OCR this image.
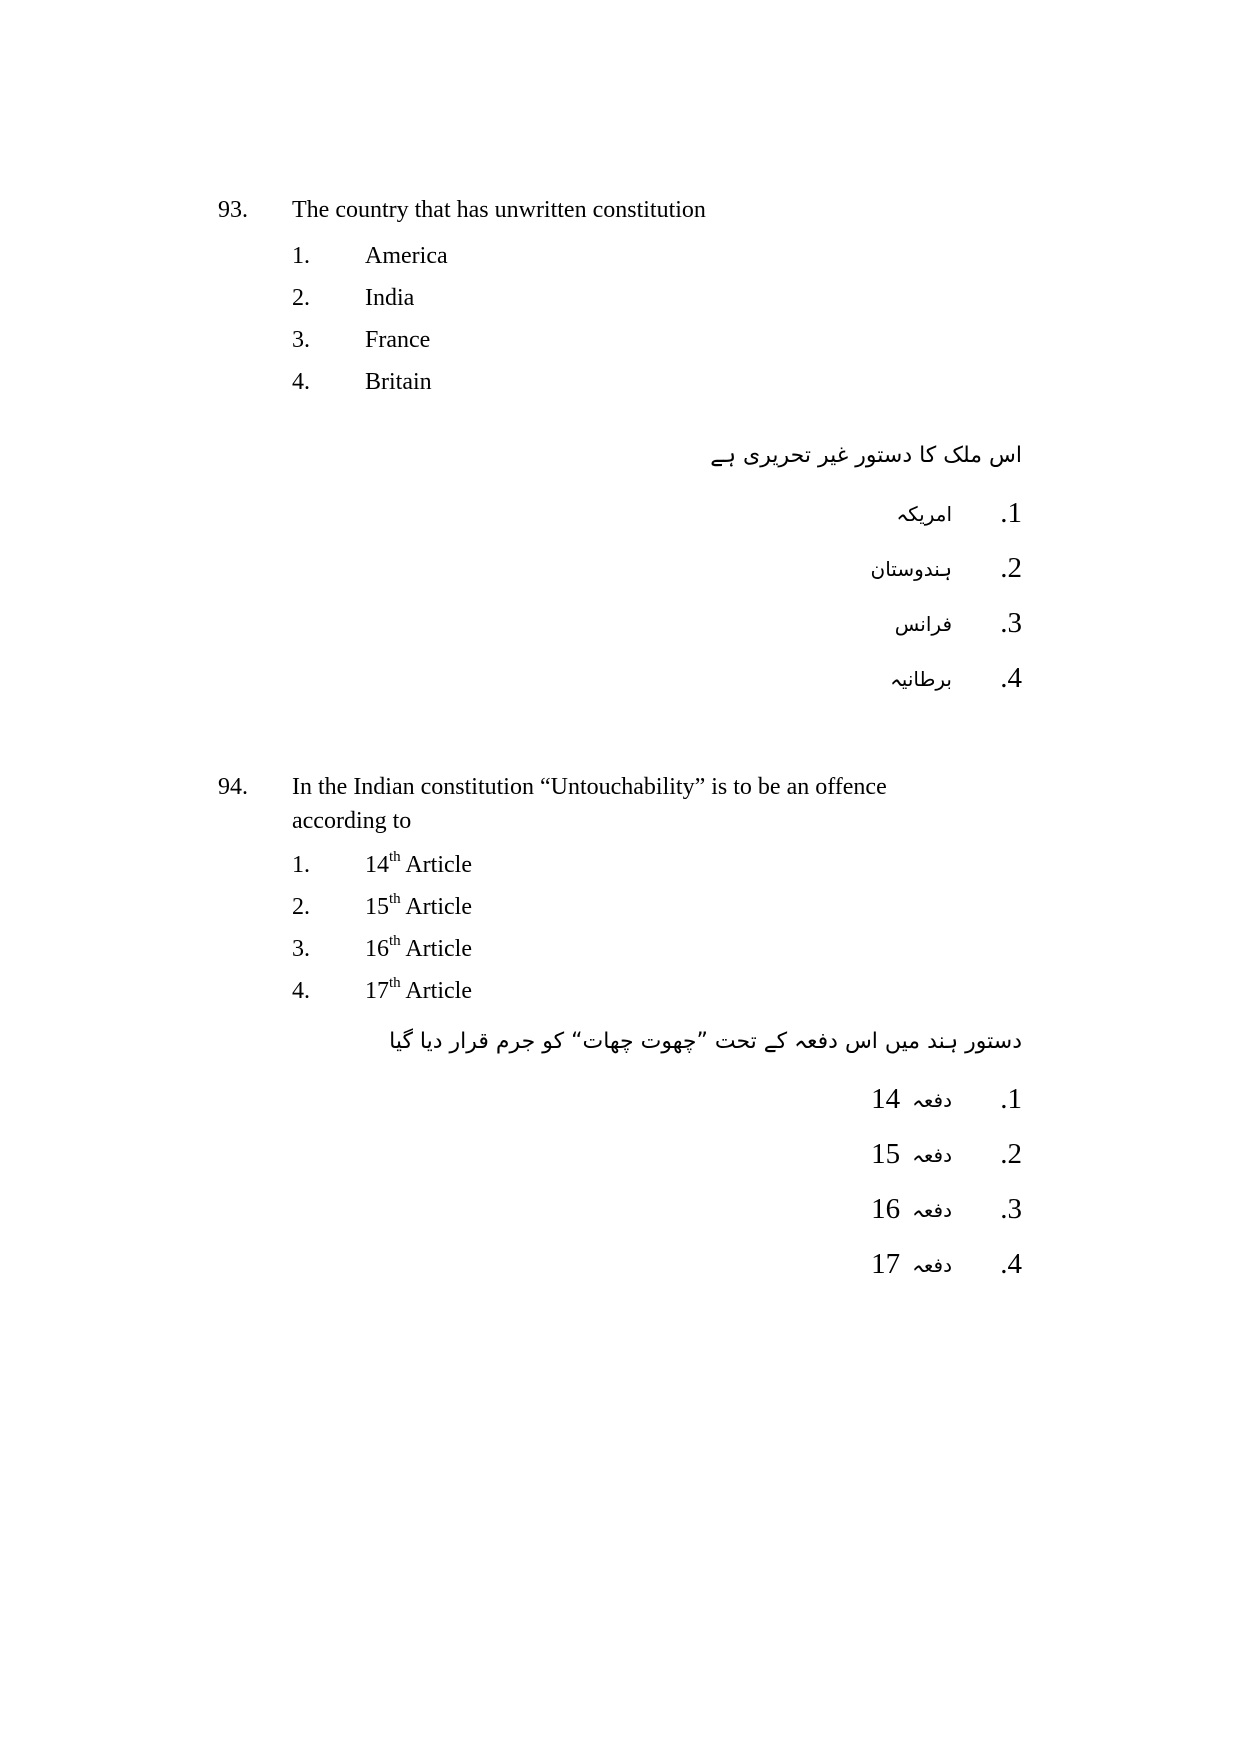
93.	The country that has unwritten constitution
1.	America
2.	India
3.	France
4.	Britain
اس ملک کا دستور غیر تحریری ہے
.1
امریکہ
.2
ہندوستان
.3
فرانس
.4
برطانیہ
94.	In the Indian constitution “Untouchability” is to be an offence according to
1.	14th Article
2.	15th Article
3.	16th Article
4.	17th Article
دستور ہند میں اس دفعہ کے تحت ”چھوت چھات“ کو جرم قرار دیا گیا
.1
دفعہ
14
.2
دفعہ
15
.3
دفعہ
16
.4
دفعہ
17
